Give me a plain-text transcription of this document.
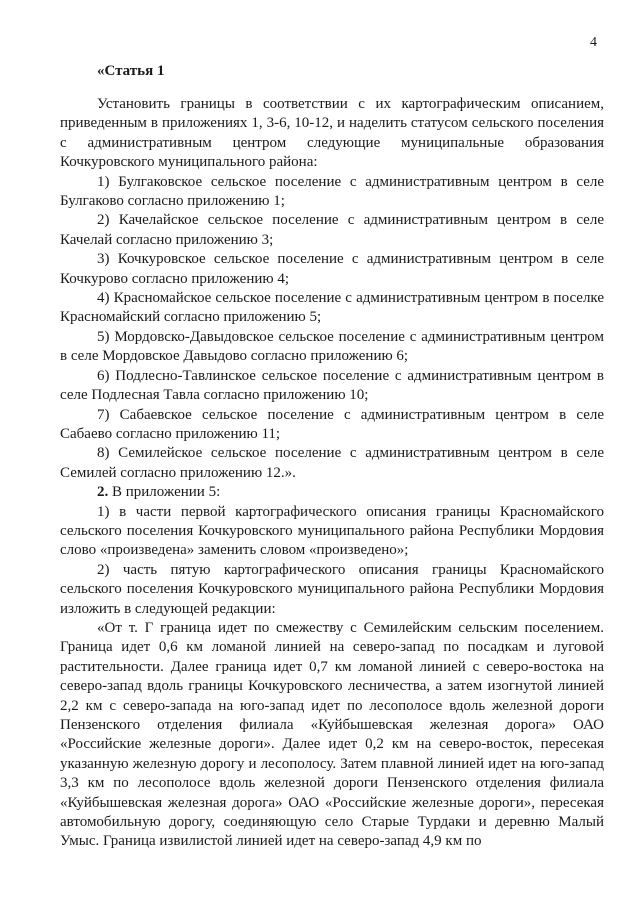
4
«Статья 1

Установить границы в соответствии с их картографическим описанием, приведенным в приложениях 1, 3-6, 10-12, и наделить статусом сельского поселения с административным центром следующие муниципальные образования Кочкуровского муниципального района:

1) Булгаковское сельское поселение с административным центром в селе Булгаково согласно приложению 1;

2) Качелайское сельское поселение с административным центром в селе Качелай согласно приложению 3;

3) Кочкуровское сельское поселение с административным центром в селе Кочкурово согласно приложению 4;

4) Красномайское сельское поселение с административным центром в поселке Красномайский согласно приложению 5;

5) Мордовско-Давыдовское сельское поселение с административным центром в селе Мордовское Давыдово согласно приложению 6;

6) Подлесно-Тавлинское сельское поселение с административным центром в селе Подлесная Тавла согласно приложению 10;

7) Сабаевское сельское поселение с административным центром в селе Сабаево согласно приложению 11;

8) Семилейское сельское поселение с административным центром в селе Семилей согласно приложению 12.».

2. В приложении 5:

1) в части первой картографического описания границы Красномайского сельского поселения Кочкуровского муниципального района Республики Мордовия слово «произведена» заменить словом «произведено»;

2) часть пятую картографического описания границы Красномайского сельского поселения Кочкуровского муниципального района Республики Мордовия изложить в следующей редакции:

«От т. Г граница идет по смежеству с Семилейским сельским поселением. Граница идет 0,6 км ломаной линией на северо-запад по посадкам и луговой растительности. Далее граница идет 0,7 км ломаной линией с северо-востока на северо-запад вдоль границы Кочкуровского лесничества, а затем изогнутой линией 2,2 км с северо-запада на юго-запад идет по лесополосе вдоль железной дороги Пензенского отделения филиала «Куйбышевская железная дорога» ОАО «Российские железные дороги». Далее идет 0,2 км на северо-восток, пересекая указанную железную дорогу и лесополосу. Затем плавной линией идет на юго-запад 3,3 км по лесополосе вдоль железной дороги Пензенского отделения филиала «Куйбышевская железная дорога» ОАО «Российские железные дороги», пересекая автомобильную дорогу, соединяющую село Старые Турдаки и деревню Малый Умыс. Граница извилистой линией идет на северо-запад 4,9 км по
